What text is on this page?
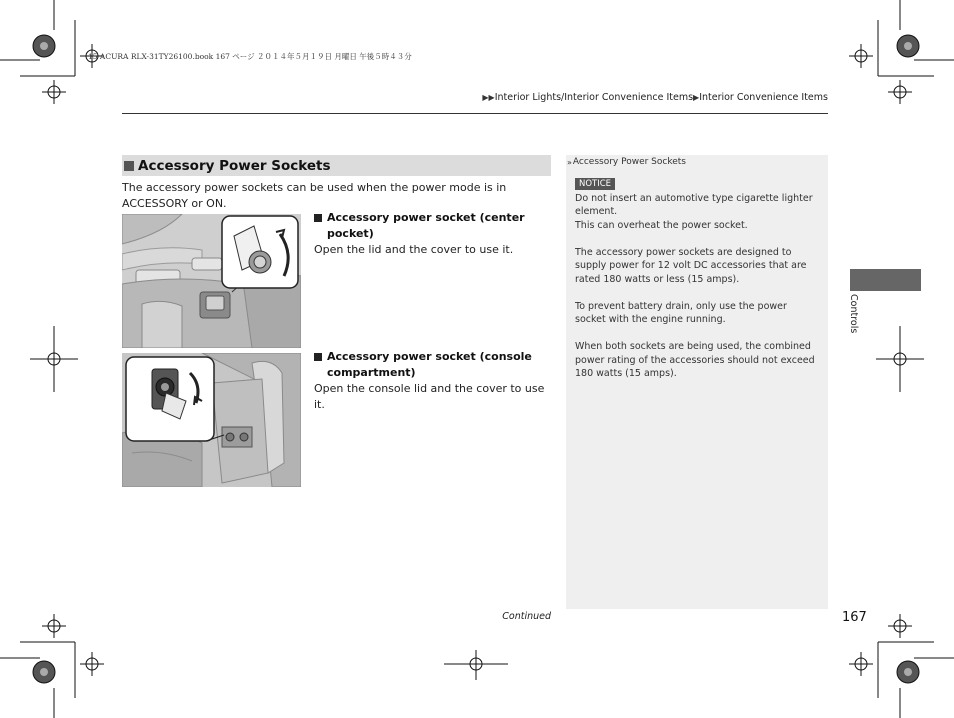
15 ACURA RLX-31TY26100.book 167 ページ ２０１４年５月１９日 月曜日 午後５時４３分
▶▶Interior Lights/Interior Convenience Items▶Interior Convenience Items
Accessory Power Sockets
The accessory power sockets can be used when the power mode is in ACCESSORY or ON.
Accessory power socket (center pocket)
Open the lid and the cover to use it.
Accessory power socket (console compartment)
Open the console lid and the cover to use it.
» Accessory Power Sockets
NOTICE

Do not insert an automotive type cigarette lighter element.

This can overheat the power socket.

The accessory power sockets are designed to supply power for 12 volt DC accessories that are rated 180 watts or less (15 amps).

To prevent battery drain, only use the power socket with the engine running.

When both sockets are being used, the combined power rating of the accessories should not exceed 180 watts (15 amps).

Controls
Continued	167
